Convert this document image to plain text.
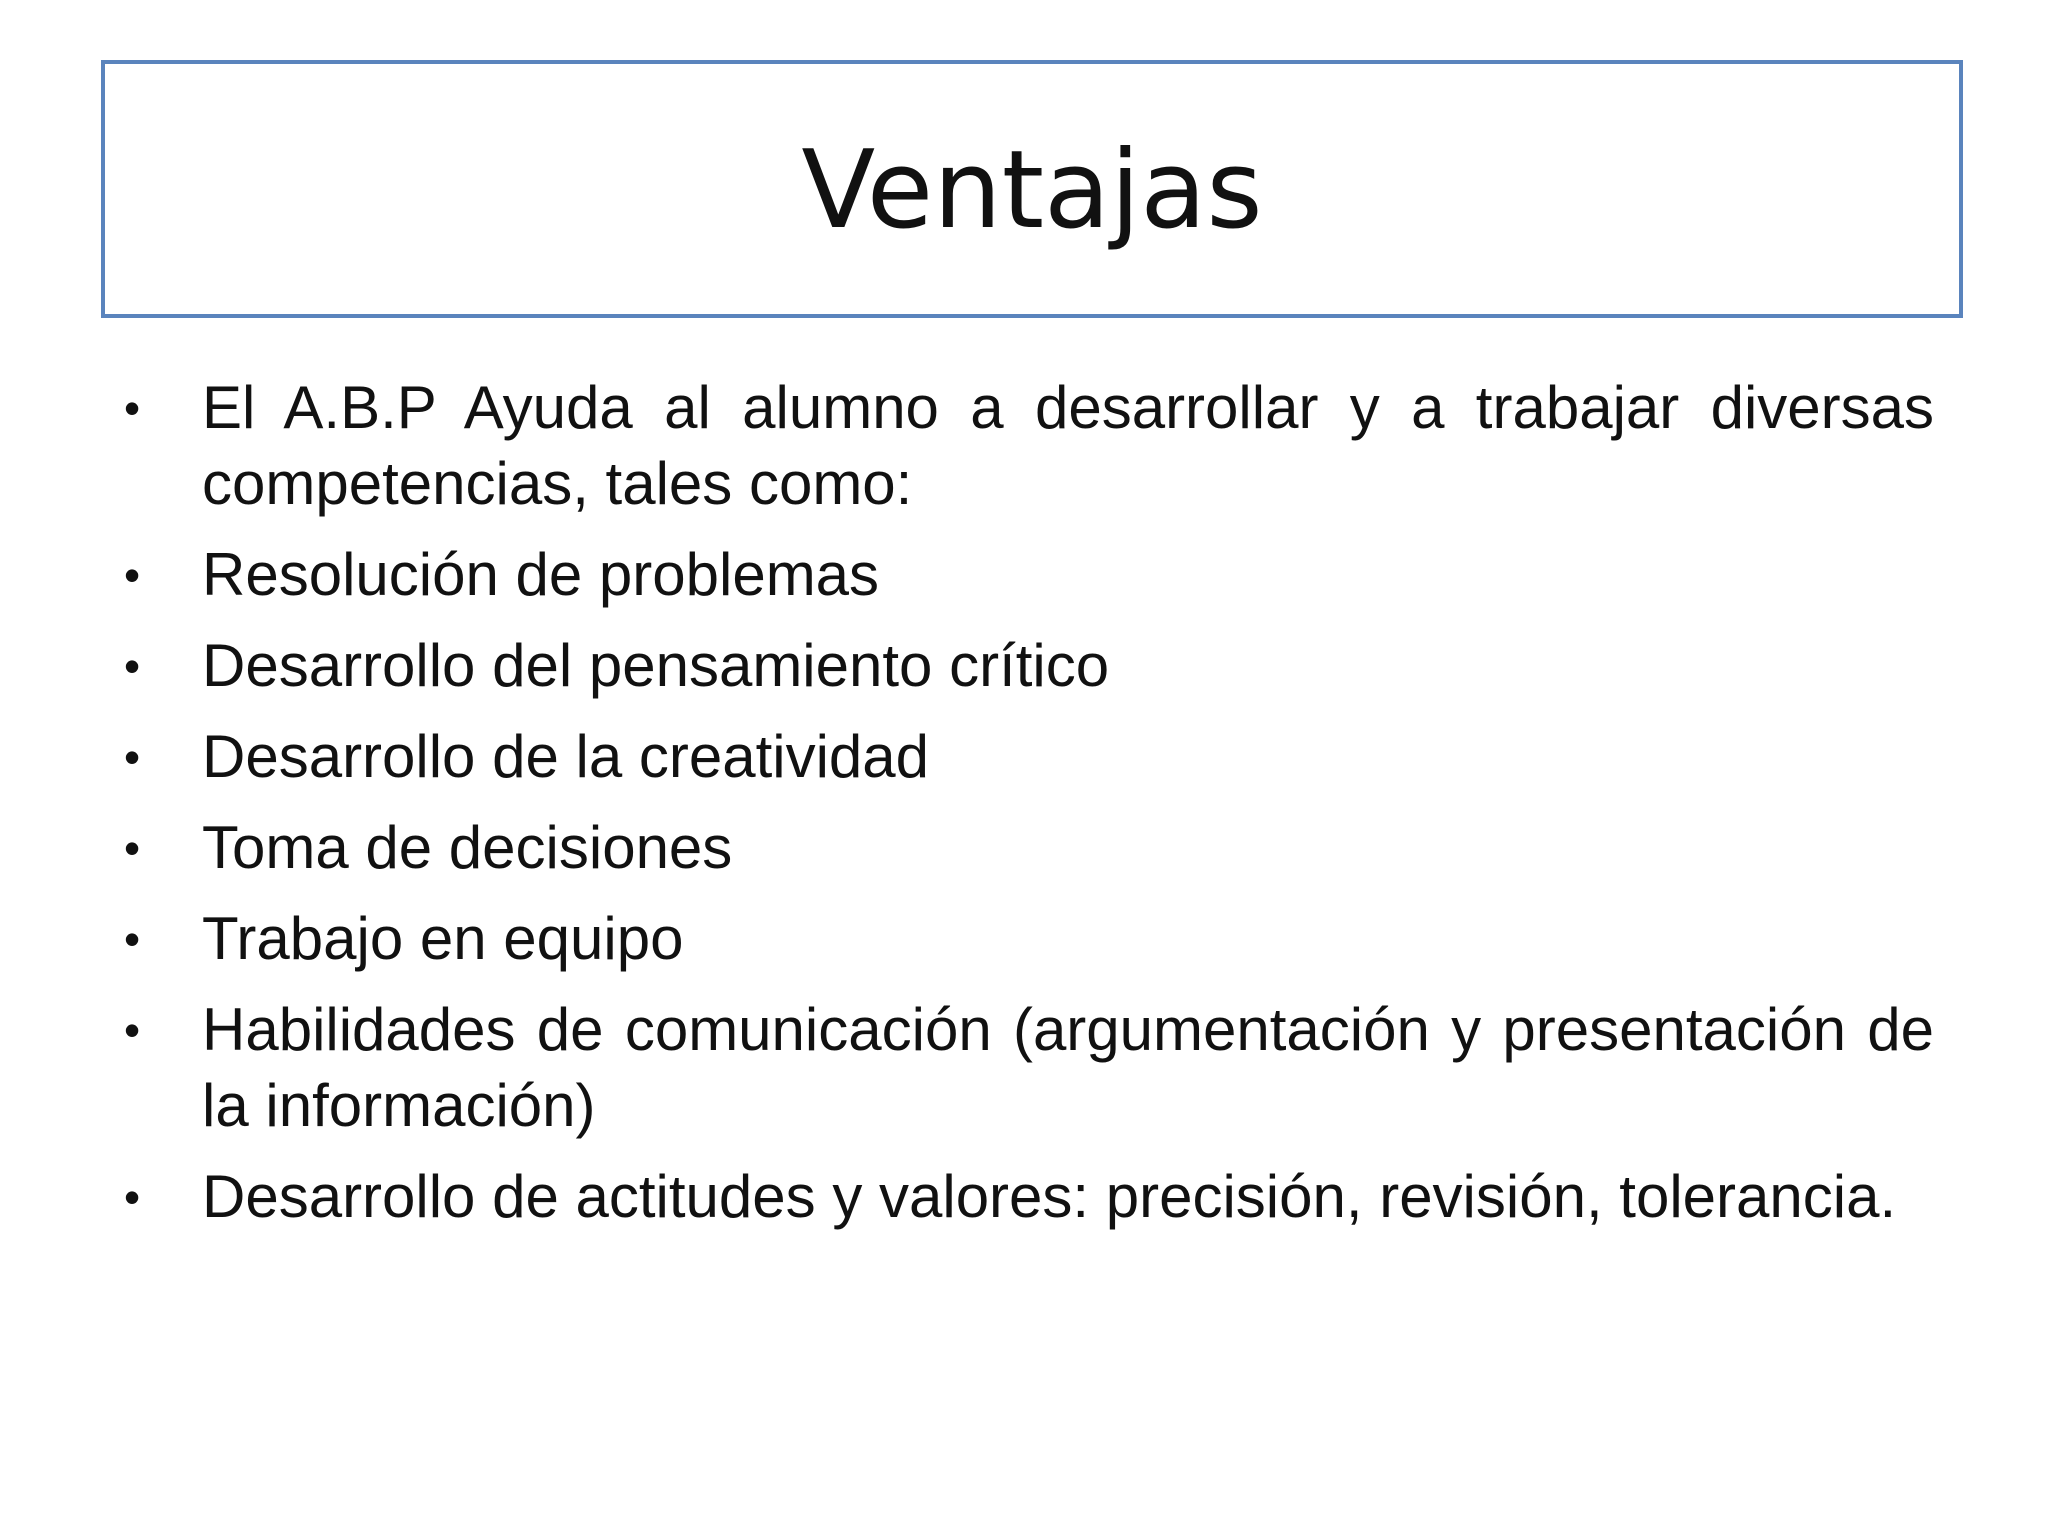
Ventajas
•	El A.B.P Ayuda al alumno a desarrollar y a trabajar diversas competencias, tales como:
•	Resolución de problemas
•	Desarrollo del pensamiento crítico
•	Desarrollo de la creatividad
•	Toma de decisiones
•	Trabajo en equipo
•	Habilidades de comunicación (argumentación y presentación de la información)
•	Desarrollo de actitudes y valores: precisión, revisión, tolerancia.
